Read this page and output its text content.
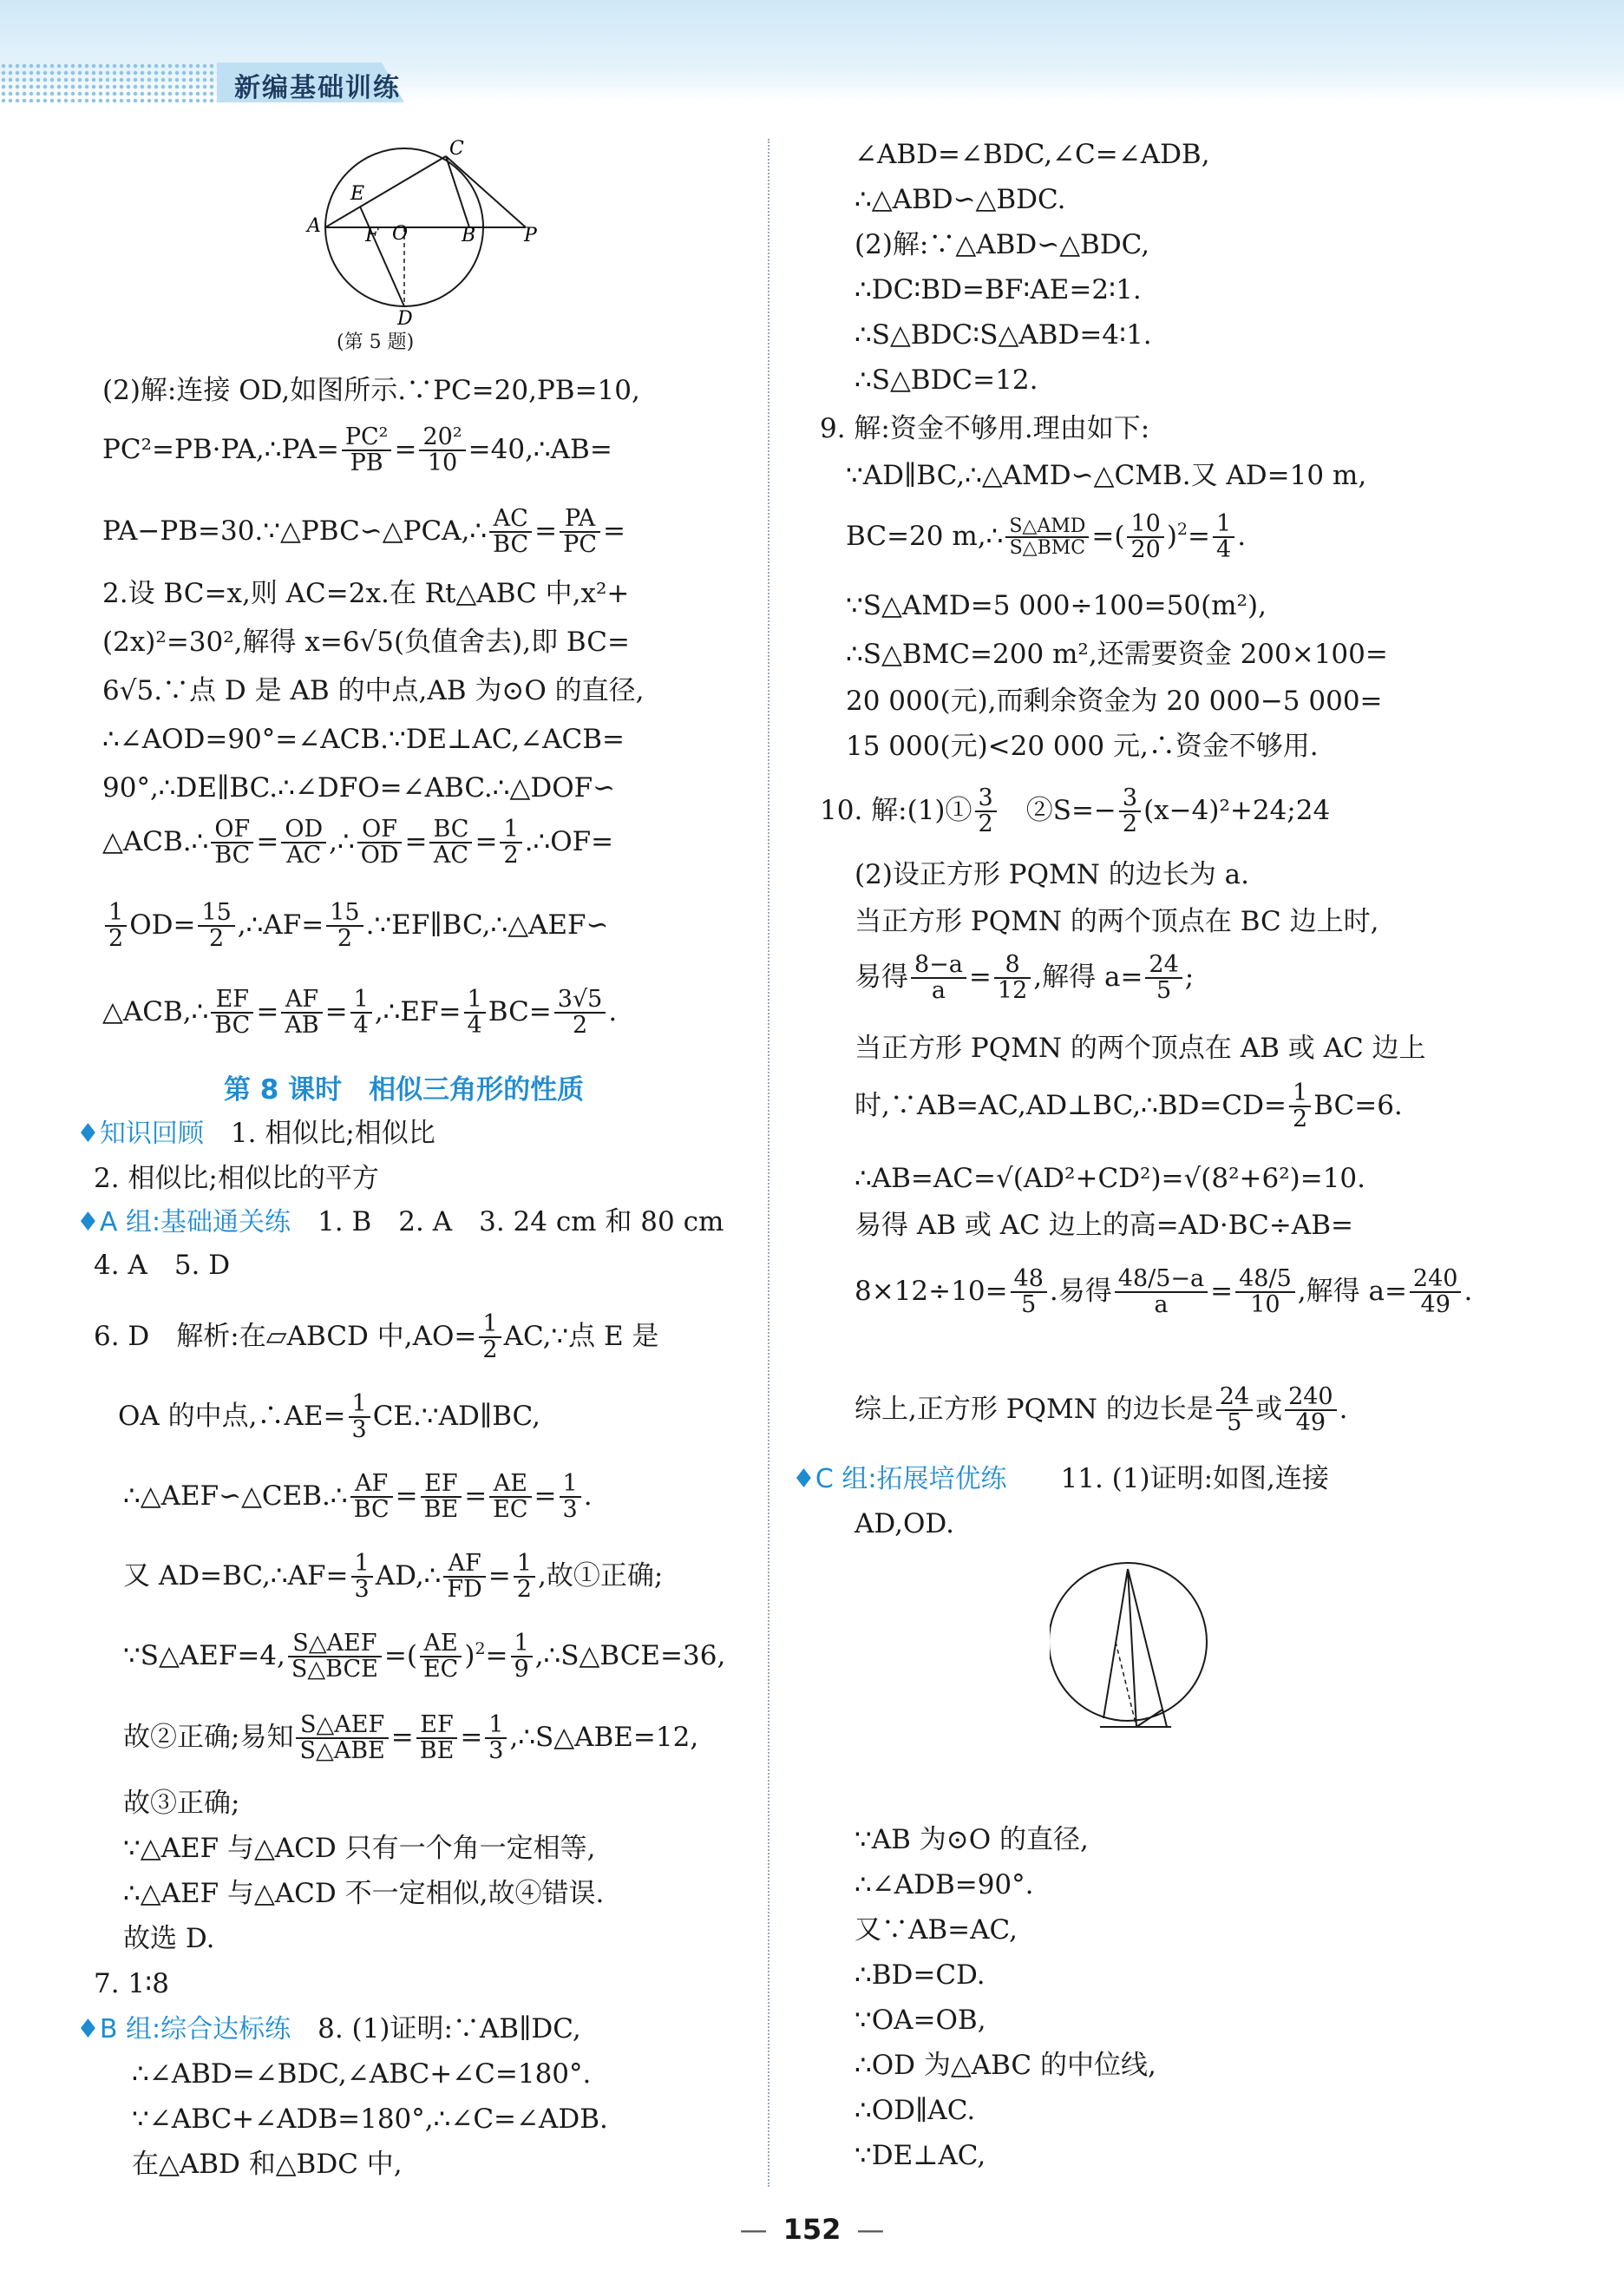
新编基础训练
C
E
A F O	B	P
D
(第 5 题)
(2)解:连接 OD,如图所示.∵PC=20,PB=10,
PC²=PB·PA,∴PA= $\frac{\text{PC²}}{PB} = \frac{\text{20²}}{10}$ =40,∴AB=
PA−PB=30.∵△PBC∽△PCA,∴ $\frac{AC}{BC} = \frac{PA}{PC}$ =
2.设 BC=x,则 AC=2x.在 Rt△ABC 中,x²+
(2x)²=30²,解得 x=6√5(负值舍去),即 BC=
6√5.∵点 D 是 AB 的中点,AB 为⊙O 的直径,
∴∠AOD=90°=∠ACB.∵DE⊥AC,∠ACB=
90°,∴DE∥BC.∴∠DFO=∠ABC.∴△DOF∽
△ACB.∴ $\frac{OF}{BC} = \frac{OD}{AC}$ ,∴ $\frac{OF}{OD} = \frac{BC}{AC} = \frac{1}{2}$ .∴OF=
$\frac{1}{2} OD= \frac{15}{2}$ ,∴AF= $\frac{15}{2}$ .∵EF∥BC,∴△AEF∽
△ACB,∴ $\frac{EF}{BC} = \frac{AF}{AB} = \frac{1}{4}$ ,∴EF= $\frac{1}{4} BC= \frac{3√5}{2}$ .
第 8 课时　相似三角形的性质
♦知识回顾　 1. 相似比;相似比
2. 相似比;相似比的平方
♦A 组:基础通关练　 1. B　2. A　3. 24 cm 和 80 cm
4. A　5. D
6. D　解析:在▱ABCD 中$,AO= \frac{1}{2}$ AC,∵点 E 是
OA 的中点,∴AE= $\frac{1}{3}$ CE.∵AD∥BC,
∴△AEF∽△CEB.∴ $\frac{AF}{BC} = \frac{EF}{BE} = \frac{AE}{EC} = \frac{1}{3}$ .
又 AD=BC,∴AF= $\frac{1}{3}$ AD,∴ $\frac{AF}{FD} = \frac{1}{2}$ ,故①正确;
∵S△AEF=4, $\frac{\text{S△AEF}}{\text{S△BCE}}$ =( $\frac{AE}{EC} )^2= \frac{1}{9}$ ,∴S△BCE=36,
故②正确;易知 $\frac{\text{S△AEF}}{\text{S△ABE}} = \frac{EF}{BE} = \frac{1}{3}$ ,∴S△ABE=12,
故③正确;
∵△AEF 与△ACD 只有一个角一定相等,
∴△AEF 与△ACD 不一定相似,故④错误.
故选 D.
7. 1∶8
♦B 组:综合达标练　 8. (1)证明:∵AB∥DC,
∴∠ABD=∠BDC,∠ABC+∠C=180°.
∵∠ABC+∠ADB=180°,∴∠C=∠ADB.
在△ABD 和△BDC 中,
∠ABD=∠BDC,∠C=∠ADB,
∴△ABD∽△BDC.
(2)解:∵△ABD∽△BDC,
∴DC∶BD=BF∶AE=2∶1.
∴S△BDC∶S△ABD=4∶1.
∴S△BDC=12.
9. 解:资金不够用.理由如下:
∵AD∥BC,∴△AMD∽△CMB.又 AD=10 m,
BC=20 m,∴ $\frac{\text{S△AMD}}{\text{S△BMC}}$ =( $\frac{10}{20} )^2= \frac{1}{4}$ .
∵S△AMD=5 000÷100=50(m²),
∴S△BMC=200 m²,还需要资金 200×100=
20 000(元),而剩余资金为 20 000−5 000=
15 000(元)<20 000 元,∴资金不够用.
10. 解:(1)① $\frac{3}{2}$ 　②S=− $\frac{3}{2}$ (x−4)²+24;24
(2)设正方形 PQMN 的边长为 a.
当正方形 PQMN 的两个顶点在 BC 边上时,
易得 $\frac{8-a}{a} = \frac{8}{12}$ ,解得 $a= \frac{24}{5}$ ;
当正方形 PQMN 的两个顶点在 AB 或 AC 边上
时,∵AB=AC,AD⊥BC,∴BD=CD= $\frac{1}{2} BC=6$.
∴AB=AC=√(AD²+CD²)=√(8²+6²)=10.
易得 AB 或 AC 边上的高=AD·BC÷AB=
$8\times 12\div 10= \frac{48}{5}$ .易得 $\frac{48/5-a}{a} = \frac{48/5}{10}$ ,解得 $a= \frac{240}{49}$ .
综上,正方形 PQMN 的边长是 $\frac{24}{5}$ 或 $\frac{240}{49}$ .
♦C 组:拓展培优练　　 11. (1)证明:如图,连接
AD,OD.
∵AB 为⊙O 的直径,
∴∠ADB=90°.
又∵AB=AC,
∴BD=CD.
∵OA=OB,
∴OD 为△ABC 的中位线,
∴OD∥AC.
∵DE⊥AC,
— 152 —
